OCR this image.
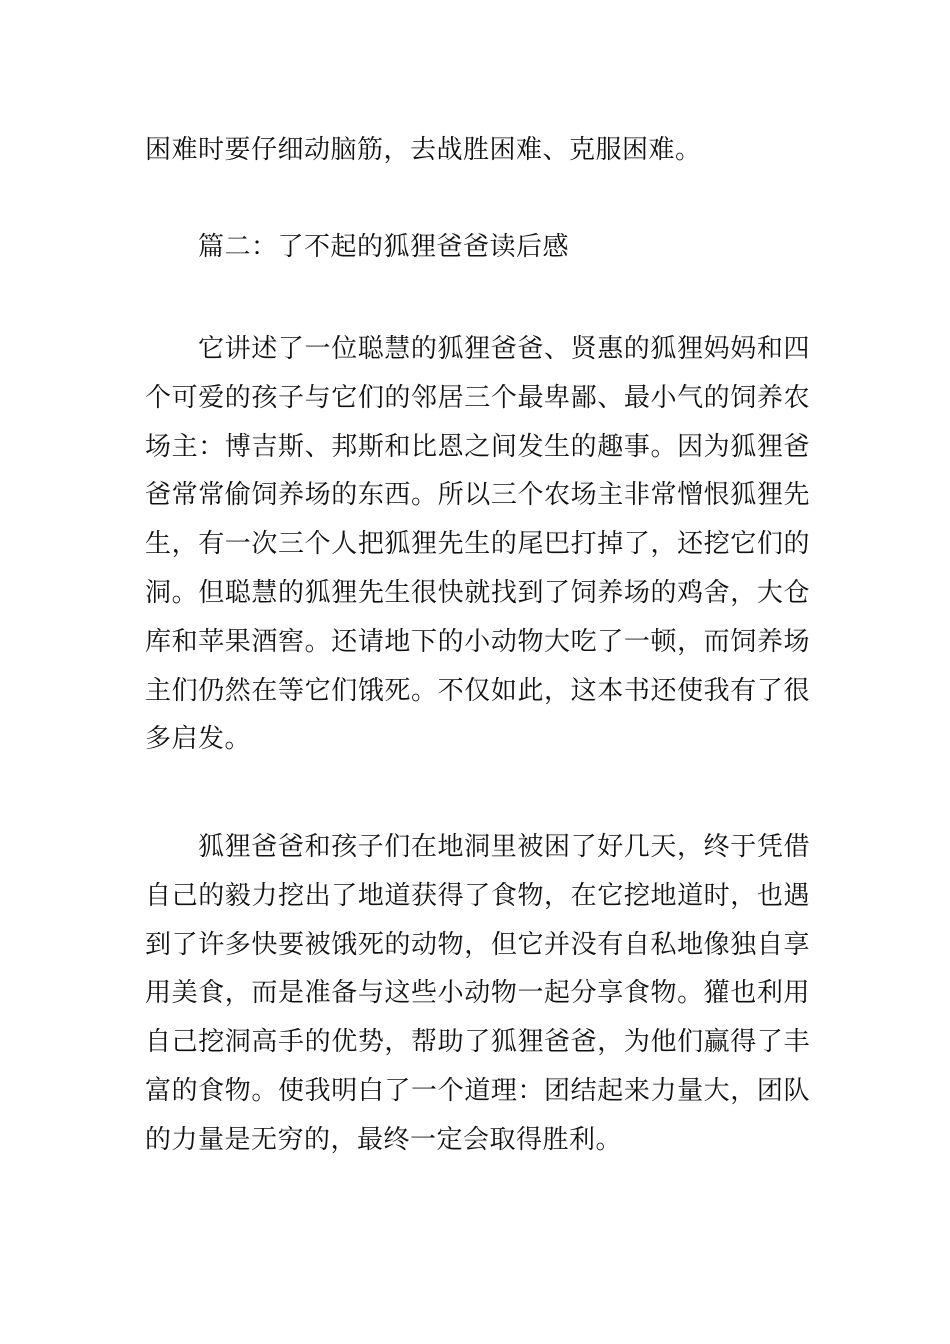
困难时要仔细动脑筋，去战胜困难、克服困难。

篇二：了不起的狐狸爸爸读后感

它讲述了一位聪慧的狐狸爸爸、贤惠的狐狸妈妈和四个可爱的孩子与它们的邻居三个最卑鄙、最小气的饲养农场主：博吉斯、邦斯和比恩之间发生的趣事。因为狐狸爸爸常常偷饲养场的东西。所以三个农场主非常憎恨狐狸先生，有一次三个人把狐狸先生的尾巴打掉了，还挖它们的洞。但聪慧的狐狸先生很快就找到了饲养场的鸡舍，大仓库和苹果酒窖。还请地下的小动物大吃了一顿，而饲养场主们仍然在等它们饿死。不仅如此，这本书还使我有了很多启发。

狐狸爸爸和孩子们在地洞里被困了好几天，终于凭借自己的毅力挖出了地道获得了食物，在它挖地道时，也遇到了许多快要被饿死的动物，但它并没有自私地像独自享用美食，而是准备与这些小动物一起分享食物。獾也利用自己挖洞高手的优势，帮助了狐狸爸爸，为他们赢得了丰富的食物。使我明白了一个道理：团结起来力量大，团队的力量是无穷的，最终一定会取得胜利。
